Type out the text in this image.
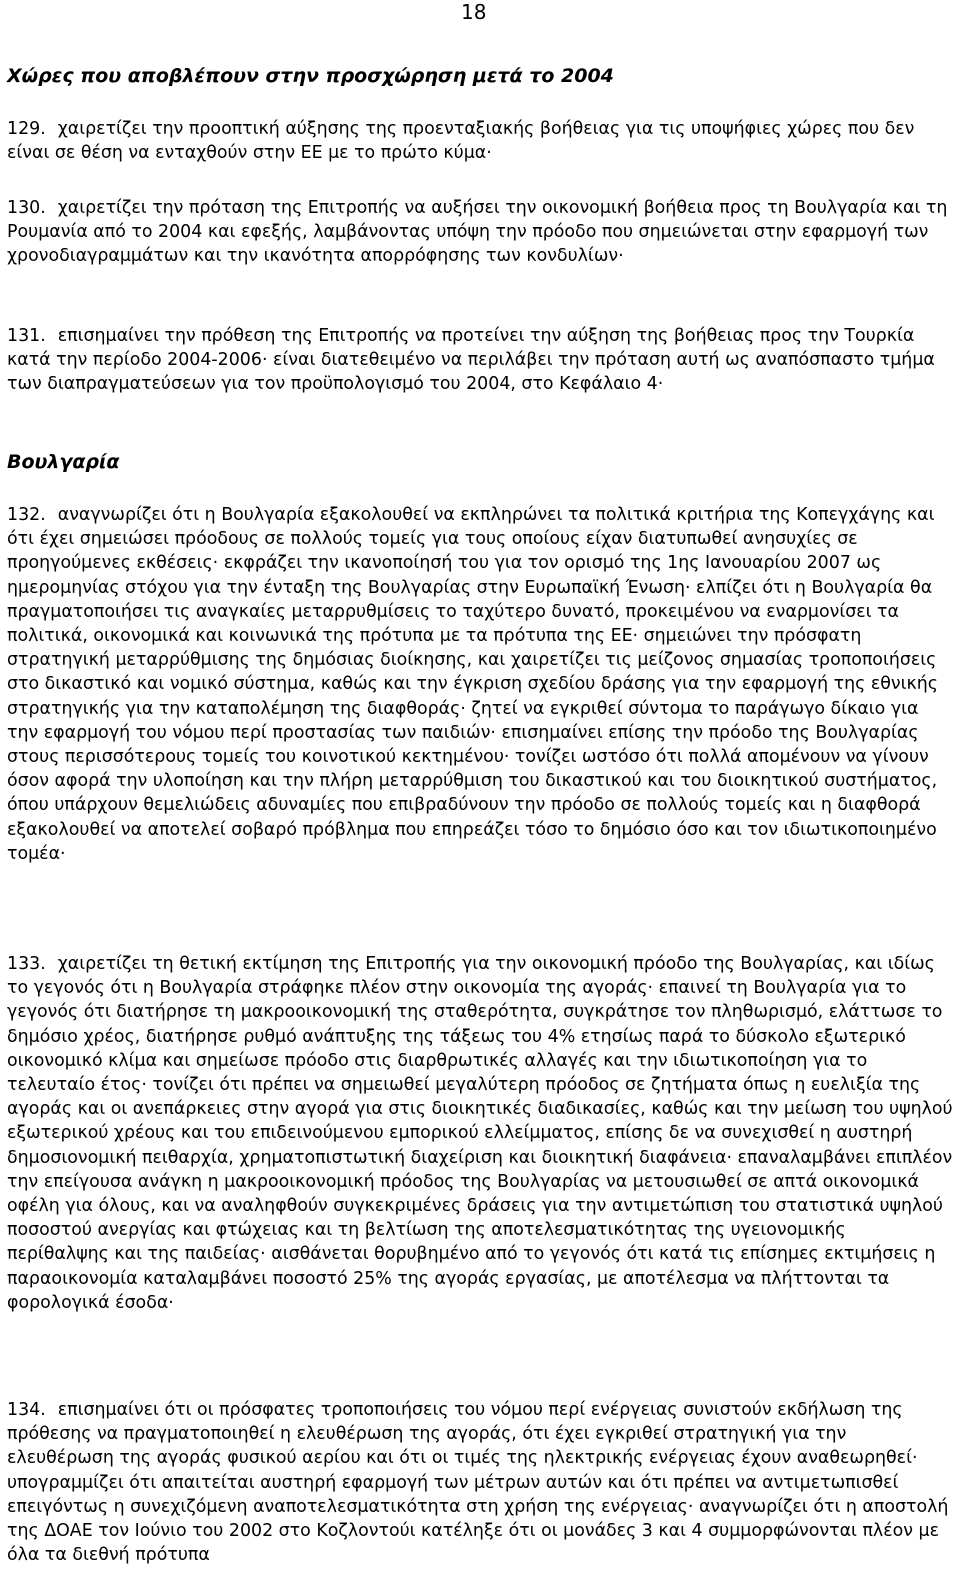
18
Χώρες που αποβλέπουν στην προσχώρηση μετά το 2004

129. χαιρετίζει την προοπτική αύξησης της προενταξιακής βοήθειας για τις υποψήφιες χώρες που δεν είναι σε θέση να ενταχθούν στην ΕΕ με το πρώτο κύμα·

130. χαιρετίζει την πρόταση της Επιτροπής να αυξήσει την οικονομική βοήθεια προς τη Βουλγαρία και τη Ρουμανία από το 2004 και εφεξής, λαμβάνοντας υπόψη την πρόοδο που σημειώνεται στην εφαρμογή των χρονοδιαγραμμάτων και την ικανότητα απορρόφησης των κονδυλίων·

131. επισημαίνει την πρόθεση της Επιτροπής να προτείνει την αύξηση της βοήθειας προς την Τουρκία κατά την περίοδο 2004-2006· είναι διατεθειμένο να περιλάβει την πρόταση αυτή ως αναπόσπαστο τμήμα των διαπραγματεύσεων για τον προϋπολογισμό του 2004, στο Κεφάλαιο 4·

Βουλγαρία

132. αναγνωρίζει ότι η Βουλγαρία εξακολουθεί να εκπληρώνει τα πολιτικά κριτήρια της Κοπεγχάγης και ότι έχει σημειώσει πρόοδους σε πολλούς τομείς για τους οποίους είχαν διατυπωθεί ανησυχίες σε προηγούμενες εκθέσεις· εκφράζει την ικανοποίησή του για τον ορισμό της 1ης Ιανουαρίου 2007 ως ημερομηνίας στόχου για την ένταξη της Βουλγαρίας στην Ευρωπαϊκή Ένωση· ελπίζει ότι η Βουλγαρία θα πραγματοποιήσει τις αναγκαίες μεταρρυθμίσεις το ταχύτερο δυνατό, προκειμένου να εναρμονίσει τα πολιτικά, οικονομικά και κοινωνικά της πρότυπα με τα πρότυπα της ΕΕ· σημειώνει την πρόσφατη στρατηγική μεταρρύθμισης της δημόσιας διοίκησης, και χαιρετίζει τις μείζονος σημασίας τροποποιήσεις στο δικαστικό και νομικό σύστημα, καθώς και την έγκριση σχεδίου δράσης για την εφαρμογή της εθνικής στρατηγικής για την καταπολέμηση της διαφθοράς· ζητεί να εγκριθεί σύντομα το παράγωγο δίκαιο για την εφαρμογή του νόμου περί προστασίας των παιδιών· επισημαίνει επίσης την πρόοδο της Βουλγαρίας στους περισσότερους τομείς του κοινοτικού κεκτημένου· τονίζει ωστόσο ότι πολλά απομένουν να γίνουν όσον αφορά την υλοποίηση και την πλήρη μεταρρύθμιση του δικαστικού και του διοικητικού συστήματος, όπου υπάρχουν θεμελιώδεις αδυναμίες που επιβραδύνουν την πρόοδο σε πολλούς τομείς και η διαφθορά εξακολουθεί να αποτελεί σοβαρό πρόβλημα που επηρεάζει τόσο το δημόσιο όσο και τον ιδιωτικοποιημένο τομέα·

133. χαιρετίζει τη θετική εκτίμηση της Επιτροπής για την οικονομική πρόοδο της Βουλγαρίας, και ιδίως το γεγονός ότι η Βουλγαρία στράφηκε πλέον στην οικονομία της αγοράς· επαινεί τη Βουλγαρία για το γεγονός ότι διατήρησε τη μακροοικονομική της σταθερότητα, συγκράτησε τον πληθωρισμό, ελάττωσε το δημόσιο χρέος, διατήρησε ρυθμό ανάπτυξης της τάξεως του 4% ετησίως παρά το δύσκολο εξωτερικό οικονομικό κλίμα και σημείωσε πρόοδο στις διαρθρωτικές αλλαγές και την ιδιωτικοποίηση για το τελευταίο έτος· τονίζει ότι πρέπει να σημειωθεί μεγαλύτερη πρόοδος σε ζητήματα όπως η ευελιξία της αγοράς και οι ανεπάρκειες στην αγορά για στις διοικητικές διαδικασίες, καθώς και την μείωση του υψηλού εξωτερικού χρέους και του επιδεινούμενου εμπορικού ελλείμματος, επίσης δε να συνεχισθεί η αυστηρή δημοσιονομική πειθαρχία, χρηματοπιστωτική διαχείριση και διοικητική διαφάνεια· επαναλαμβάνει επιπλέον την επείγουσα ανάγκη η μακροοικονομική πρόοδος της Βουλγαρίας να μετουσιωθεί σε απτά οικονομικά οφέλη για όλους, και να αναληφθούν συγκεκριμένες δράσεις για την αντιμετώπιση του στατιστικά υψηλού ποσοστού ανεργίας και φτώχειας και τη βελτίωση της αποτελεσματικότητας της υγειονομικής περίθαλψης και της παιδείας· αισθάνεται θορυβημένο από το γεγονός ότι κατά τις επίσημες εκτιμήσεις η παραοικονομία καταλαμβάνει ποσοστό 25% της αγοράς εργασίας, με αποτέλεσμα να πλήττονται τα φορολογικά έσοδα·

134. επισημαίνει ότι οι πρόσφατες τροποποιήσεις του νόμου περί ενέργειας συνιστούν εκδήλωση της πρόθεσης να πραγματοποιηθεί η ελευθέρωση της αγοράς, ότι έχει εγκριθεί στρατηγική για την ελευθέρωση της αγοράς φυσικού αερίου και ότι οι τιμές της ηλεκτρικής ενέργειας έχουν αναθεωρηθεί· υπογραμμίζει ότι απαιτείται αυστηρή εφαρμογή των μέτρων αυτών και ότι πρέπει να αντιμετωπισθεί επειγόντως η συνεχιζόμενη αναποτελεσματικότητα στη χρήση της ενέργειας· αναγνωρίζει ότι η αποστολή της ΔΟΑΕ τον Ιούνιο του 2002 στο Κοζλοντούι κατέληξε ότι οι μονάδες 3 και 4 συμμορφώνονται πλέον με όλα τα διεθνή πρότυπα
